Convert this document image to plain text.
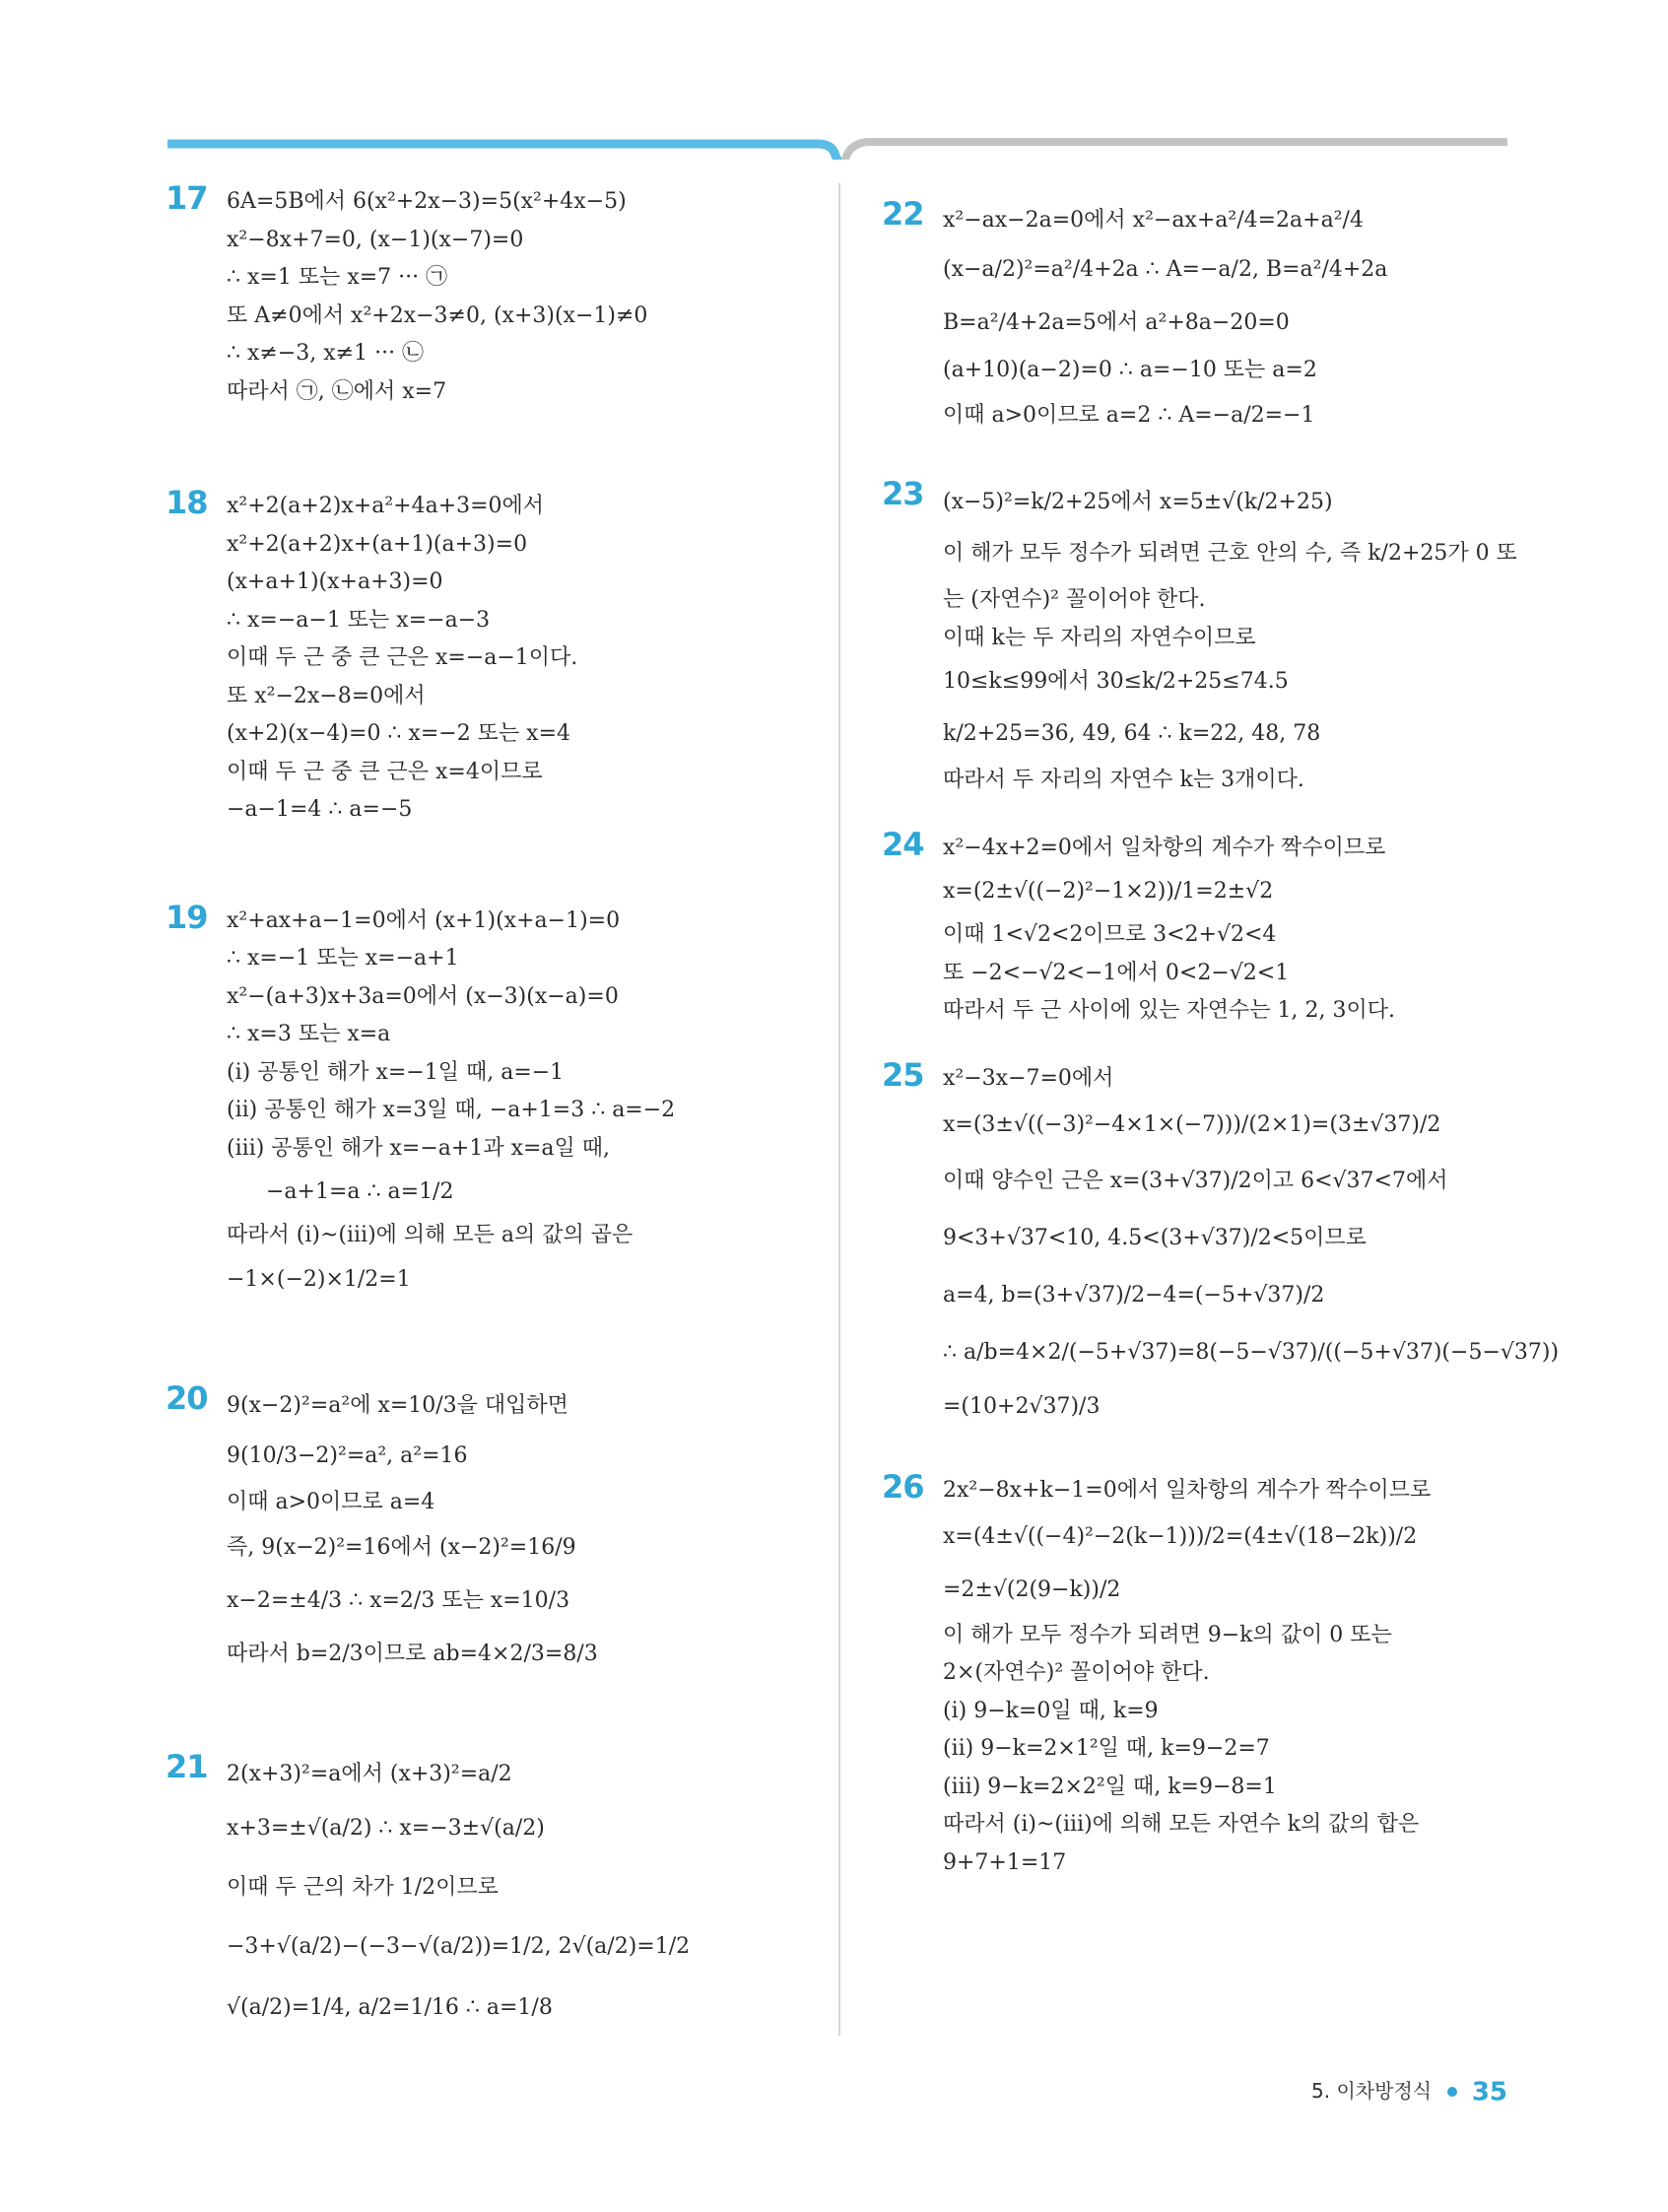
17 6A=5B에서 6(x²+2x−3)=5(x²+4x−5)
x²−8x+7=0, (x−1)(x−7)=0
∴ x=1 또는 x=7 ··· ㉠
또 A≠0에서 x²+2x−3≠0, (x+3)(x−1)≠0
∴ x≠−3, x≠1 ··· ㉡
따라서 ㉠, ㉡에서 x=7
18 x²+2(a+2)x+a²+4a+3=0에서
x²+2(a+2)x+(a+1)(a+3)=0
(x+a+1)(x+a+3)=0
∴ x=−a−1 또는 x=−a−3
이때 두 근 중 큰 근은 x=−a−1이다.
또 x²−2x−8=0에서
(x+2)(x−4)=0 ∴ x=−2 또는 x=4
이때 두 근 중 큰 근은 x=4이므로
−a−1=4 ∴ a=−5
19 x²+ax+a−1=0에서 (x+1)(x+a−1)=0
∴ x=−1 또는 x=−a+1
x²−(a+3)x+3a=0에서 (x−3)(x−a)=0
∴ x=3 또는 x=a
(ⅰ) 공통인 해가 x=−1일 때, a=−1
(ⅱ) 공통인 해가 x=3일 때, −a+1=3 ∴ a=−2
(ⅲ) 공통인 해가 x=−a+1과 x=a일 때,
−a+1=a ∴ a=1/2
따라서 (ⅰ)~(ⅲ)에 의해 모든 a의 값의 곱은
−1×(−2)×1/2=1
20 9(x−2)²=a²에 x=10/3을 대입하면
9(10/3−2)²=a², a²=16
이때 a>0이므로 a=4
즉, 9(x−2)²=16에서 (x−2)²=16/9
x−2=±4/3 ∴ x=2/3 또는 x=10/3
따라서 b=2/3이므로 ab=4×2/3=8/3
21 2(x+3)²=a에서 (x+3)²=a/2
x+3=±√(a/2) ∴ x=−3±√(a/2)
이때 두 근의 차가 1/2이므로
−3+√(a/2)−(−3−√(a/2))=1/2, 2√(a/2)=1/2
√(a/2)=1/4, a/2=1/16 ∴ a=1/8
22 x²−ax−2a=0에서 x²−ax+a²/4=2a+a²/4
(x−a/2)²=a²/4+2a ∴ A=−a/2, B=a²/4+2a
B=a²/4+2a=5에서 a²+8a−20=0
(a+10)(a−2)=0 ∴ a=−10 또는 a=2
이때 a>0이므로 a=2 ∴ A=−a/2=−1
23 (x−5)²=k/2+25에서 x=5±√(k/2+25)
이 해가 모두 정수가 되려면 근호 안의 수, 즉 k/2+25가 0 또
는 (자연수)² 꼴이어야 한다.
이때 k는 두 자리의 자연수이므로
10≤k≤99에서 30≤k/2+25≤74.5
k/2+25=36, 49, 64 ∴ k=22, 48, 78
따라서 두 자리의 자연수 k는 3개이다.
24 x²−4x+2=0에서 일차항의 계수가 짝수이므로
x=(2±√((−2)²−1×2))/1=2±√2
이때 1<√2<2이므로 3<2+√2<4
또 −2<−√2<−1에서 0<2−√2<1
따라서 두 근 사이에 있는 자연수는 1, 2, 3이다.
25 x²−3x−7=0에서
x=(3±√((−3)²−4×1×(−7)))/(2×1)=(3±√37)/2
이때 양수인 근은 x=(3+√37)/2이고 6<√37<7에서
9<3+√37<10, 4.5<(3+√37)/2<5이므로
a=4, b=(3+√37)/2−4=(−5+√37)/2
∴ a/b=4×2/(−5+√37)=8(−5−√37)/((−5+√37)(−5−√37))
=(10+2√37)/3
26 2x²−8x+k−1=0에서 일차항의 계수가 짝수이므로
x=(4±√((−4)²−2(k−1)))/2=(4±√(18−2k))/2
=2±√(2(9−k))/2
이 해가 모두 정수가 되려면 9−k의 값이 0 또는
2×(자연수)² 꼴이어야 한다.
(ⅰ) 9−k=0일 때, k=9
(ⅱ) 9−k=2×1²일 때, k=9−2=7
(ⅲ) 9−k=2×2²일 때, k=9−8=1
따라서 (ⅰ)~(ⅲ)에 의해 모든 자연수 k의 값의 합은
9+7+1=17
5. 이차방정식 35
